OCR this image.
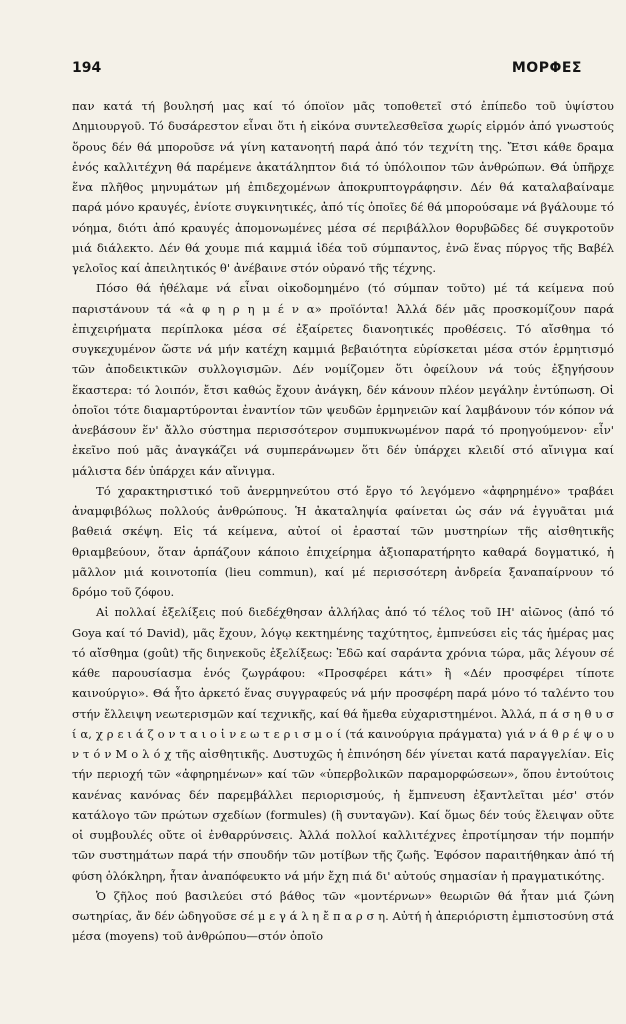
194	ΜΟΡΦΕΣ

παν κατά τή βουλησή μας καί τό όποϊον μᾶς τοποθετεῖ στό ἐπίπεδο τοῦ ὑψίστου Δημιουργοῦ. Τό δυσάρεστον εἶναι ὅτι ἡ εἰκόνα συντελεσθεῖσα χωρίς εἱρμόν ἀπό γνωστούς ὅρους δέν θά μποροῦσε νά γίνη κατανοητή παρά ἀπό τόν τεχνίτη της. Ἔτσι κάθε δραμα ἑνός καλλιτέχνη θά παρέμενε ἀκατάληπτον διά τό ὑπόλοιπον τῶν ἀνθρώπων. Θά ὑπῆρχε ἕνα πλῆθος μηνυμάτων μή ἐπιδεχομένων ἀποκρυπτογράφησιν. Δέν θά καταλαβαίναμε παρά μόνο κραυγές, ἐνίοτε συγκινητικές, ἀπό τίς ὁποῖες δέ θά μπορούσαμε νά βγάλουμε τό νόημα, διότι ἀπό κραυγές ἀπομονωμένες μέσα σέ περιβάλλον θορυβῶδες δέ συγκροτοῦν μιά διάλεκτο. Δέν θά χουμε πιά καμμιά ἰδέα τοῦ σύμπαντος, ἐνῶ ἕνας πύργος τῆς Βαβέλ γελοῖος καί ἀπειλητικός θ' ἀνέβαινε στόν οὐρανό τῆς τέχνης.

Πόσο θά ἠθέλαμε νά εἶναι οἰκοδομημένο (τό σύμπαν τοῦτο) μέ τά κείμενα πού παριστάνουν τά «ἀ φ η ρ η μ έ ν α» προϊόντα! Ἀλλά δέν μᾶς προσκομίζουν παρά ἐπιχειρήματα περίπλοκα μέσα σέ ἐξαίρετες διανοητικές προθέσεις. Τό αἴσθημα τό συγκεχυμένον ὥστε νά μήν κατέχη καμμιά βεβαιότητα εὑρίσκεται μέσα στόν ἑρμητισμό τῶν ἀποδεικτικῶν συλλογισμῶν. Δέν νομίζομεν ὅτι ὀφείλουν νά τούς ἐξηγήσουν ἕκαστερα: τό λοιπόν, ἔτσι καθώς ἔχουν ἀνάγκη, δέν κάνουν πλέον μεγάλην ἐντύπωση. Οἱ ὁποῖοι τότε διαμαρτύρονται ἐναντίον τῶν ψευδῶν ἑρμηνειῶν καί λαμβάνουν τόν κόπον νά ἀνεβάσουν ἕν' ἄλλο σύστημα περισσότερον συμπυκνωμένον παρά τό προηγούμενον· εἶν' ἐκεῖνο πού μᾶς ἀναγκάζει νά συμπεράνωμεν ὅτι δέν ὑπάρχει κλειδί στό αἴνιγμα καί μάλιστα δέν ὑπάρχει κάν αἴνιγμα.

Τό χαρακτηριστικό τοῦ ἀνερμηνεύτου στό ἔργο τό λεγόμενο «ἀφηρημένο» τραβάει ἀναμφιβόλως πολλούς ἀνθρώπους. Ἡ ἀκαταληψία φαίνεται ὡς σάν νά ἐγγυᾶται μιά βαθειά σκέψη. Εἰς τά κείμενα, αὐτοί οἱ ἐρασταί τῶν μυστηρίων τῆς αἰσθητικῆς θριαμβεύουν, ὅταν ἁρπάζουν κάποιο ἐπιχείρημα ἀξιοπαρατήρητο καθαρά δογματικό, ἡ μᾶλλον μιά κοινοτοπία (lieu commun), καί μέ περισσότερη ἀνδρεία ξαναπαίρνουν τό δρόμο τοῦ ζόφου.

Αἱ πολλαί ἐξελίξεις πού διεδέχθησαν ἀλλήλας ἀπό τό τέλος τοῦ ΙΗ' αἰῶνος (ἀπό τό Goya καί τό David), μᾶς ἔχουν, λόγῳ κεκτημένης ταχύτητος, ἐμπνεύσει εἰς τάς ἡμέρας μας τό αἴσθημα (goût) τῆς διηνεκοῦς ἐξελίξεως: Ἐδῶ καί σαράντα χρόνια τώρα, μᾶς λέγουν σέ κάθε παρουσίασμα ἑνός ζωγράφου: «Προσφέρει κάτι» ἢ «Δέν προσφέρει τίποτε καινούργιο». Θά ἦτο ἀρκετό ἕνας συγγραφεύς νά μήν προσφέρη παρά μόνο τό ταλέντο του στήν ἔλλειψη νεωτερισμῶν καί τεχνικῆς, καί θά ἤμεθα εὐχαριστημένοι. Ἀλλά, π ά σ η θ υ σ ί α, χ ρ ε ι ά ζ ο ν τ α ι ο ἱ ν ε ω τ ε ρ ι σ μ ο ί (τά καινούργια πράγματα) γιά ν ά θ ρ έ ψ ο υ ν τ ό ν Μ ο λ ό χ τῆς αἰσθητικῆς. Δυστυχῶς ἡ ἐπινόηση δέν γίνεται κατά παραγγελίαν. Εἰς τήν περιοχή τῶν «ἀφηρημένων» καί τῶν «ὑπερβολικῶν παραμορφώσεων», ὅπου ἐντούτοις κανένας κανόνας δέν παρεμβάλλει περιορισμούς, ἡ ἔμπνευση ἐξαντλεῖται μέσ' στόν κατάλογο τῶν πρώτων σχεδίων (formules) (ἢ συνταγῶν). Καί ὅμως δέν τούς ἔλειψαν οὔτε οἱ συμβουλές οὔτε οἱ ἐνθαρρύνσεις. Ἀλλά πολλοί καλλιτέχνες ἐπροτίμησαν τήν πομπήν τῶν συστημάτων παρά τήν σπουδήν τῶν μοτίβων τῆς ζωῆς. Ἐφόσον παραιτήθηκαν ἀπό τή φύση ὁλόκληρη, ἦταν ἀναπόφευκτο νά μήν ἔχη πιά δι' αὐτούς σημασίαν ἡ πραγματικότης.

Ὁ ζῆλος πού βασιλεύει στό βάθος τῶν «μοντέρνων» θεωριῶν θά ἦταν μιά ζώνη σωτηρίας, ἄν δέν ὡδηγοῦσε σέ μ ε γ ά λ η ἔ π α ρ σ η. Αὐτή ἡ ἀπεριόριστη ἐμπιστοσύνη στά μέσα (moyens) τοῦ ἀνθρώπου—στόν ὁποῖο
